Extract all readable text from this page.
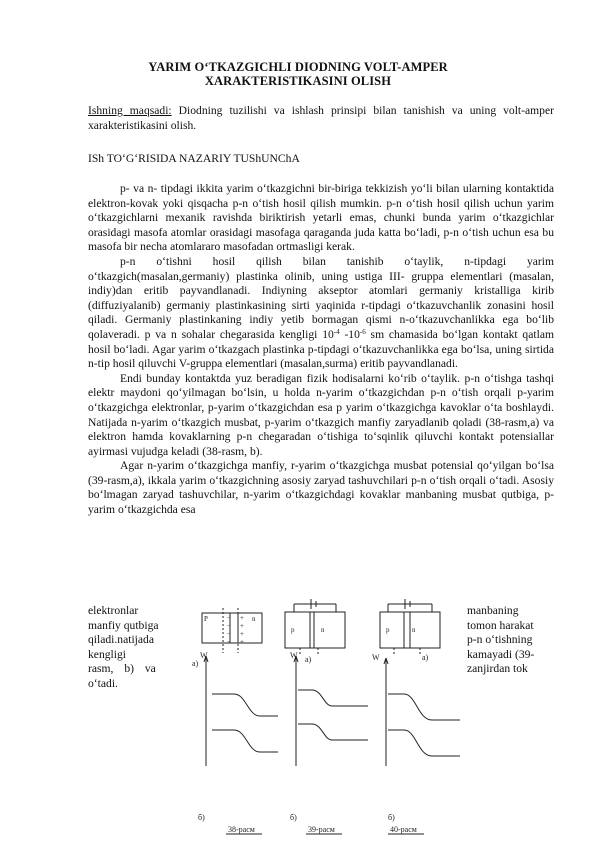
YARIM O‘TKAZGICHLI DIODNING VOLT-AMPER
XARAKTERISTIKASINI OLISH
Ishning maqsadi: Diodning tuzilishi va ishlash prinsipi bilan tanishish va uning volt-amper xarakteristikasini olish.
ISh TO‘G‘RISIDA NAZARIY TUShUNChA
p- va n- tipdagi ikkita yarim o‘tkazgichni bir-biriga tekkizish yo‘li bilan ularning kontaktida elektron-kovak yoki qisqacha p-n o‘tish hosil qilish mumkin. p-n o‘tish hosil qilish uchun yarim o‘tkazgichlarni mexanik ravishda biriktirish yetarli emas, chunki bunda yarim o‘tkazgichlar orasidagi masofa atomlar orasidagi masofaga qaraganda juda katta bo‘ladi, p-n o‘tish uchun esa bu masofa bir necha atomlararo masofadan ortmasligi kerak.
p-n o‘tishni hosil qilish bilan tanishib o‘taylik, n-tipdagi yarim o‘tkazgich(masalan,germaniy) plastinka olinib, uning ustiga III- gruppa elementlari (masalan, indiy)dan eritib payvandlanadi. Indiyning akseptor atomlari germaniy kristalliga kirib (diffuziyalanib) germaniy plastinkasining sirti yaqinida r-tipdagi o‘tkazuvchanlik zonasini hosil qiladi. Germaniy plastinkaning indiy yetib bormagan qismi n-o‘tkazuvchanlikka ega bo‘lib qolaveradi. p va n sohalar chegarasida kengligi $10^{-4}$ $-10^{-6}$ sm chamasida bo‘lgan kontakt qatlam hosil bo‘ladi. Agar yarim o‘tkazgach plastinka p-tipdagi o‘tkazuvchanlikka ega bo‘lsa, uning sirtida n-tip hosil qiluvchi V-gruppa elementlari (masalan,surma) eritib payvandlanadi.
Endi bunday kontaktda yuz beradigan fizik hodisalarni ko‘rib o‘taylik. p-n o‘tishga tashqi elektr maydoni qo‘yilmagan bo‘lsin, u holda n-yarim o‘tkazgichdan p-n o‘tish orqali p-yarim o‘tkazgichga elektronlar, p-yarim o‘tkazgichdan esa p yarim o‘tkazgichga kavoklar o‘ta boshlaydi. Natijada n-yarim o‘tkazgich musbat, p-yarim o‘tkazgich manfiy zaryadlanib qoladi (38-rasm,a) va elektron hamda kovaklarning p-n chegaradan o‘tishiga to‘sqinlik qiluvchi kontakt potensiallar ayirmasi vujudga keladi (38-rasm, b).
Agar n-yarim o‘tkazgichga manfiy, r-yarim o‘tkazgichga musbat potensial qo‘yilgan bo‘lsa (39-rasm,a), ikkala yarim o‘tkazgichning asosiy zaryad tashuvchilari p-n o‘tish orqali o‘tadi. Asosiy bo‘lmagan zaryad tashuvchilar, n-yarim o‘tkazgichdagi kovaklar manbaning musbat qutbiga, p-yarim o‘tkazgichda esa
elektronlar
manfiy qutbiga
qiladi.natijada
kengligi
rasm, b) va
o‘tadi.
manbaning
tomon harakat
p-n o‘tishning
kamayadi (39-
zanjirdan tok
− +
− +
− +
− +
P	n
a)
p	n
a)
p	n
a)
W
б)
38-расм
W
б)
39-расм
W
б)
40-расм
